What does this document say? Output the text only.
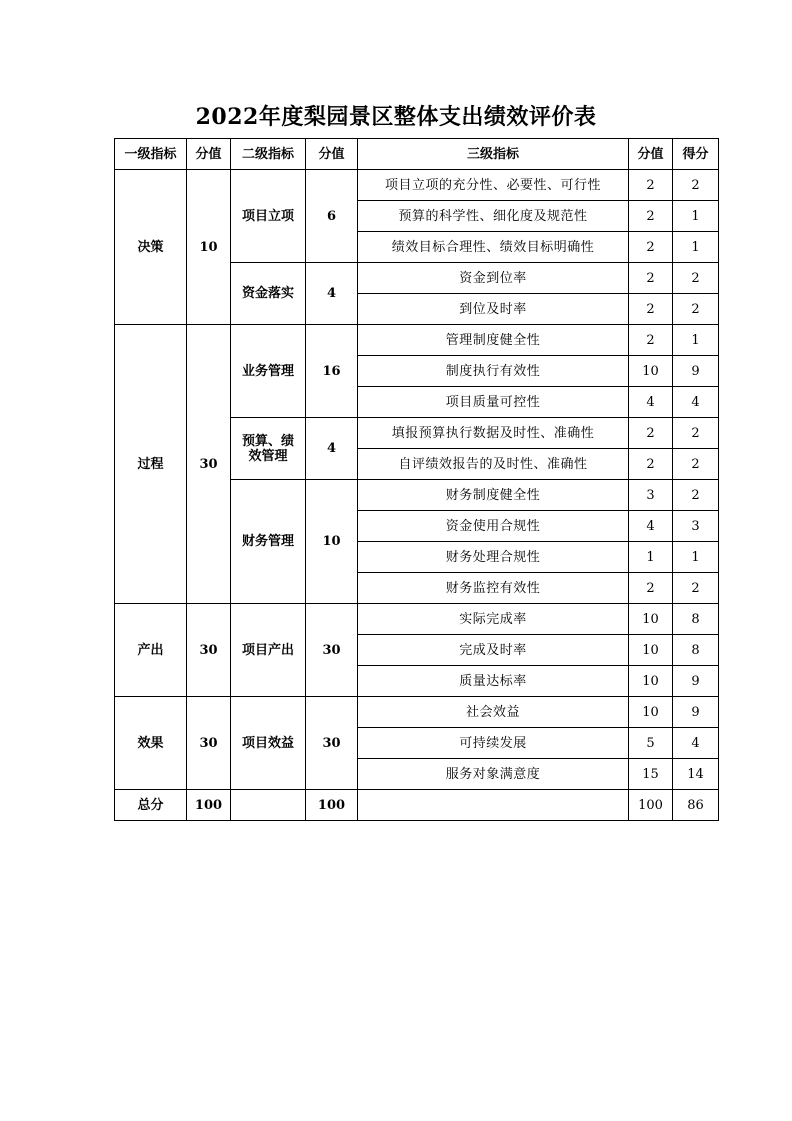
2022年度梨园景区整体支出绩效评价表
一级指标	分值	二级指标	分值	三级指标	分值	得分
决策	10	项目立项	6	项目立项的充分性、必要性、可行性	2	2
				预算的科学性、细化度及规范性	2	1
				绩效目标合理性、绩效目标明确性	2	1
		资金落实	4	资金到位率	2	2
				到位及时率	2	2
过程	30	业务管理	16	管理制度健全性	2	1
				制度执行有效性	10	9
				项目质量可控性	4	4
		预算、绩效管理	4	填报预算执行数据及时性、准确性	2	2
				自评绩效报告的及时性、准确性	2	2
		财务管理	10	财务制度健全性	3	2
				资金使用合规性	4	3
				财务处理合规性	1	1
				财务监控有效性	2	2
产出	30	项目产出	30	实际完成率	10	8
				完成及时率	10	8
				质量达标率	10	9
效果	30	项目效益	30	社会效益	10	9
				可持续发展	5	4
				服务对象满意度	15	14
总分	100		100		100	86
